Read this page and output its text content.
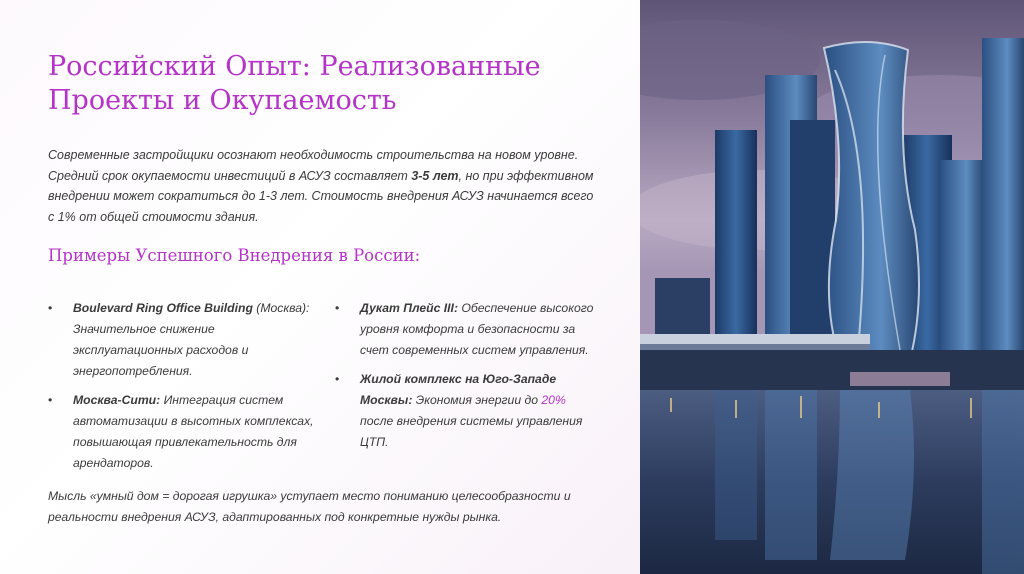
Российский Опыт: Реализованные Проекты и Окупаемость

Современные застройщики осознают необходимость строительства на новом уровне. Средний срок окупаемости инвестиций в АСУЗ составляет 3-5 лет, но при эффективном внедрении может сократиться до 1-3 лет. Стоимость внедрения АСУЗ начинается всего с 1% от общей стоимости здания.

Примеры Успешного Внедрения в России:
• Boulevard Ring Office Building (Москва):
Значительное снижение эксплуатационных расходов и энергопотребления.
• Москва-Сити: Интеграция систем автоматизации в высотных комплексах, повышающая привлекательность для арендаторов.
• Дукат Плейс III: Обеспечение высокого уровня комфорта и безопасности за счет современных систем управления.
• Жилой комплекс на Юго-Западе Москвы: Экономия энергии до 20% после внедрения системы управления ЦТП.

Мысль «умный дом = дорогая игрушка» уступает место пониманию целесообразности и реальности внедрения АСУЗ, адаптированных под конкретные нужды рынка.
